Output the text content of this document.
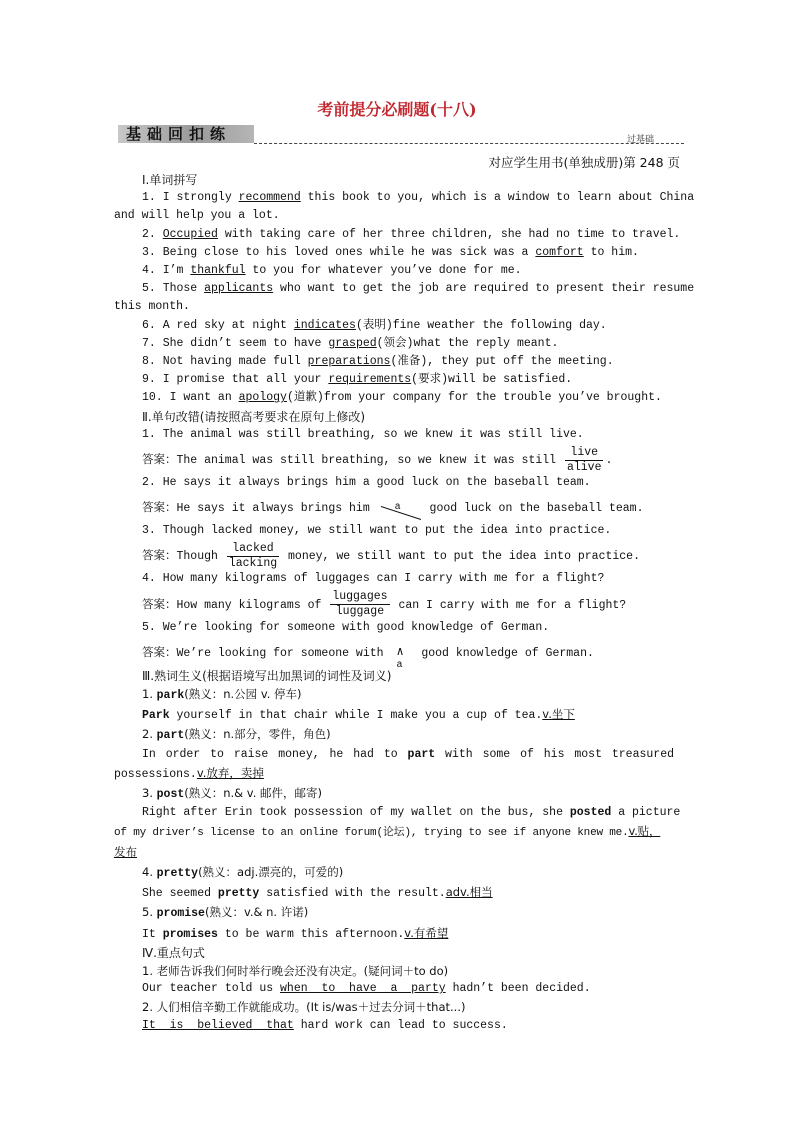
考前提分必刷题(十八)
基础回扣练	过基础
对应学生用书(单独成册)第 248 页
Ⅰ.单词拼写
1. I strongly recommend this book to you, which is a window to learn about China
and will help you a lot.
2. Occupied with taking care of her three children, she had no time to travel.
3. Being close to his loved ones while he was sick was a comfort to him.
4. I’m thankful to you for whatever you’ve done for me.
5. Those applicants who want to get the job are required to present their resume
this month.
6. A red sky at night indicates(表明)fine weather the following day.
7. She didn’t seem to have grasped(领会)what the reply meant.
8. Not having made full preparations(准备), they put off the meeting.
9. I promise that all your requirements(要求)will be satisfied.
10. I want an apology(道歉)from your company for the trouble you’ve brought.
Ⅱ.单句改错(请按照高考要求在原句上修改)
1. The animal was still breathing, so we knew it was still live.
答案：The animal was still breathing, so we knew it was still $\frac{\text{live}}{\text{alive}}$ .
2. He says it always brings him a good luck on the baseball team.
答案：He says it always brings him a good luck on the baseball team.
3. Though lacked money, we still want to put the idea into practice.
答案：Though $\frac{\text{lacked}}{\text{lacking}}$ money, we still want to put the idea into practice.
4. How many kilograms of luggages can I carry with me for a flight?
答案：How many kilograms of $\frac{\text{luggages}}{\text{luggage}}$ can I carry with me for a flight?
5. We’re looking for someone with good knowledge of German.
答案：We’re looking for someone with ∧
a
good knowledge of German.
Ⅲ.熟词生义(根据语境写出加黑词的词性及词义)
1. park(熟义：n.公园 v. 停车)
Park yourself in that chair while I make you a cup of tea.v.坐下
2. part(熟义：n.部分，零件，角色)
In order to raise money, he had to part with some of his most treasured
possessions.v.放弃，卖掉
3. post(熟义：n.& v. 邮件，邮寄)
Right after Erin took possession of my wallet on the bus, she posted a picture
of my driver’s license to an online forum(论坛), trying to see if anyone knew me.v.贴，
发布
4. pretty(熟义：adj.漂亮的，可爱的)
She seemed pretty satisfied with the result.adv.相当
5. promise(熟义：v.& n. 许诺)
It promises to be warm this afternoon.v.有希望
Ⅳ.重点句式
1. 老师告诉我们何时举行晚会还没有决定。(疑问词＋to do)
Our teacher told us when  to  have  a  party hadn’t been decided.
2. 人们相信辛勤工作就能成功。(It is/was＋过去分词＋that...)
It  is  believed  that hard work can lead to success.
